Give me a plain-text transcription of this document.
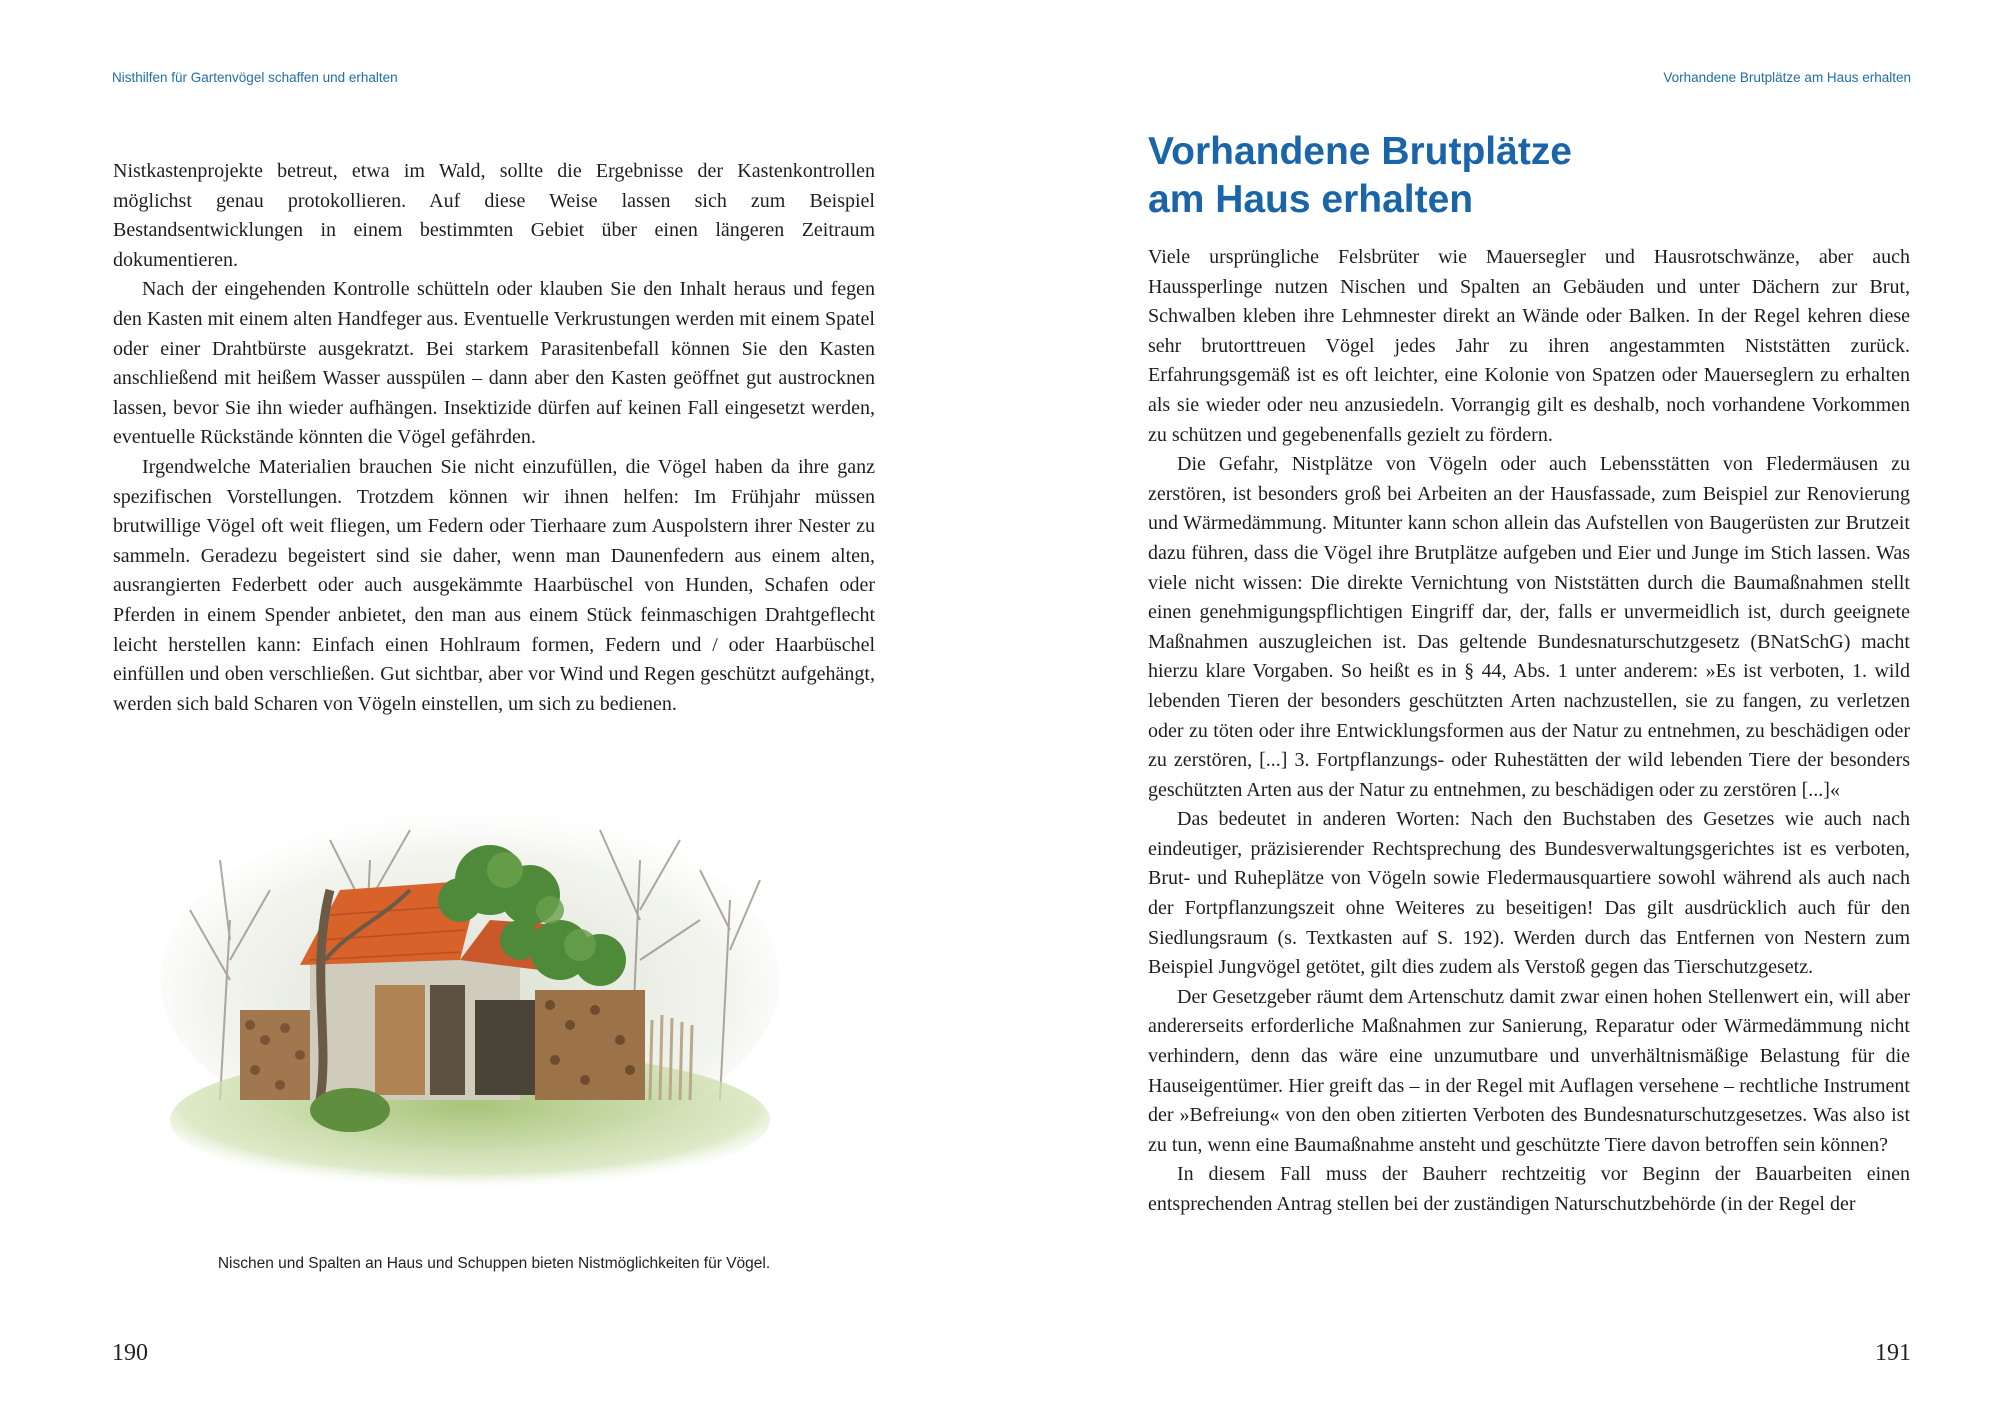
Nisthilfen für Gartenvögel schaffen und erhalten

Nistkastenprojekte betreut, etwa im Wald, sollte die Ergebnisse der Kastenkontrollen möglichst genau protokollieren. Auf diese Weise lassen sich zum Beispiel Bestandsentwicklungen in einem bestimmten Gebiet über einen längeren Zeitraum dokumentieren.

Nach der eingehenden Kontrolle schütteln oder klauben Sie den Inhalt heraus und fegen den Kasten mit einem alten Handfeger aus. Eventuelle Verkrustungen werden mit einem Spatel oder einer Drahtbürste ausgekratzt. Bei starkem Parasitenbefall können Sie den Kasten anschließend mit heißem Wasser ausspülen – dann aber den Kasten geöffnet gut austrocknen lassen, bevor Sie ihn wieder aufhängen. Insektizide dürfen auf keinen Fall eingesetzt werden, eventuelle Rückstände könnten die Vögel gefährden.

Irgendwelche Materialien brauchen Sie nicht einzufüllen, die Vögel haben da ihre ganz spezifischen Vorstellungen. Trotzdem können wir ihnen helfen: Im Frühjahr müssen brutwillige Vögel oft weit fliegen, um Federn oder Tierhaare zum Auspolstern ihrer Nester zu sammeln. Geradezu begeistert sind sie daher, wenn man Daunenfedern aus einem alten, ausrangierten Federbett oder auch ausgekämmte Haarbüschel von Hunden, Schafen oder Pferden in einem Spender anbietet, den man aus einem Stück feinmaschigen Drahtgeflecht leicht herstellen kann: Einfach einen Hohlraum formen, Federn und / oder Haarbüschel einfüllen und oben verschließen. Gut sichtbar, aber vor Wind und Regen geschützt aufgehängt, werden sich bald Scharen von Vögeln einstellen, um sich zu bedienen.

Nischen und Spalten an Haus und Schuppen bieten Nistmöglichkeiten für Vögel.
190
Vorhandene Brutplätze am Haus erhalten
Vorhandene Brutplätze
am Haus erhalten

Viele ursprüngliche Felsbrüter wie Mauersegler und Hausrotschwänze, aber auch Haussperlinge nutzen Nischen und Spalten an Gebäuden und unter Dächern zur Brut, Schwalben kleben ihre Lehmnester direkt an Wände oder Balken. In der Regel kehren diese sehr brutorttreuen Vögel jedes Jahr zu ihren angestammten Niststätten zurück. Erfahrungsgemäß ist es oft leichter, eine Kolonie von Spatzen oder Mauerseglern zu erhalten als sie wieder oder neu anzusiedeln. Vorrangig gilt es deshalb, noch vorhandene Vorkommen zu schützen und gegebenenfalls gezielt zu fördern.

Die Gefahr, Nistplätze von Vögeln oder auch Lebensstätten von Fledermäusen zu zerstören, ist besonders groß bei Arbeiten an der Hausfassade, zum Beispiel zur Renovierung und Wärmedämmung. Mitunter kann schon allein das Aufstellen von Baugerüsten zur Brutzeit dazu führen, dass die Vögel ihre Brutplätze aufgeben und Eier und Junge im Stich lassen. Was viele nicht wissen: Die direkte Vernichtung von Niststätten durch die Baumaßnahmen stellt einen genehmigungspflichtigen Eingriff dar, der, falls er unvermeidlich ist, durch geeignete Maßnahmen auszugleichen ist. Das geltende Bundesnaturschutzgesetz (BNatSchG) macht hierzu klare Vorgaben. So heißt es in § 44, Abs. 1 unter anderem: »Es ist verboten, 1. wild lebenden Tieren der besonders geschützten Arten nachzustellen, sie zu fangen, zu verletzen oder zu töten oder ihre Entwicklungsformen aus der Natur zu entnehmen, zu beschädigen oder zu zerstören, [...] 3. Fortpflanzungs- oder Ruhestätten der wild lebenden Tiere der besonders geschützten Arten aus der Natur zu entnehmen, zu beschädigen oder zu zerstören [...]«

Das bedeutet in anderen Worten: Nach den Buchstaben des Gesetzes wie auch nach eindeutiger, präzisierender Rechtsprechung des Bundesverwaltungsgerichtes ist es verboten, Brut- und Ruheplätze von Vögeln sowie Fledermausquartiere sowohl während als auch nach der Fortpflanzungszeit ohne Weiteres zu beseitigen! Das gilt ausdrücklich auch für den Siedlungsraum (s. Textkasten auf S. 192). Werden durch das Entfernen von Nestern zum Beispiel Jungvögel getötet, gilt dies zudem als Verstoß gegen das Tierschutzgesetz.

Der Gesetzgeber räumt dem Artenschutz damit zwar einen hohen Stellenwert ein, will aber andererseits erforderliche Maßnahmen zur Sanierung, Reparatur oder Wärmedämmung nicht verhindern, denn das wäre eine unzumutbare und unverhältnismäßige Belastung für die Hauseigentümer. Hier greift das – in der Regel mit Auflagen versehene – rechtliche Instrument der »Befreiung« von den oben zitierten Verboten des Bundesnaturschutzgesetzes. Was also ist zu tun, wenn eine Baumaßnahme ansteht und geschützte Tiere davon betroffen sein können?

In diesem Fall muss der Bauherr rechtzeitig vor Beginn der Bauarbeiten einen entsprechenden Antrag stellen bei der zuständigen Naturschutzbehörde (in der Regel der

191
